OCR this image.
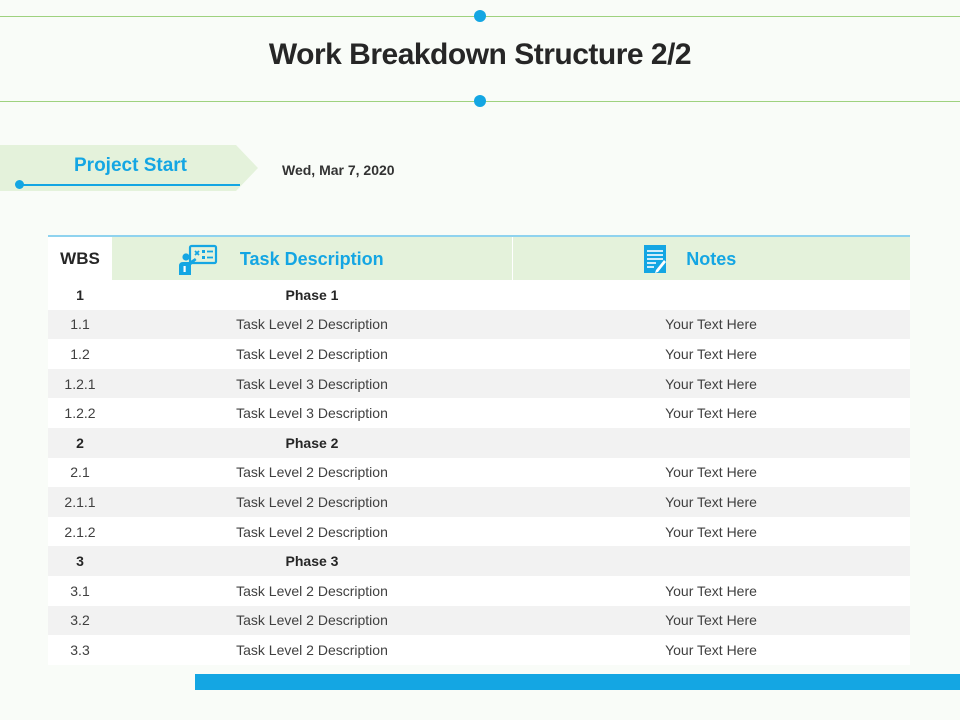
Work Breakdown Structure 2/2
Project Start	Wed, Mar 7, 2020
WBS	Task Description	Notes

1	Phase 1	
1.1	Task Level 2 Description	Your Text Here
1.2	Task Level 2 Description	Your Text Here
1.2.1	Task Level 3 Description	Your Text Here
1.2.2	Task Level 3 Description	Your Text Here
2	Phase 2	
2.1	Task Level 2 Description	Your Text Here
2.1.1	Task Level 2 Description	Your Text Here
2.1.2	Task Level 2 Description	Your Text Here
3	Phase 3	
3.1	Task Level 2 Description	Your Text Here
3.2	Task Level 2 Description	Your Text Here
3.3	Task Level 2 Description	Your Text Here
